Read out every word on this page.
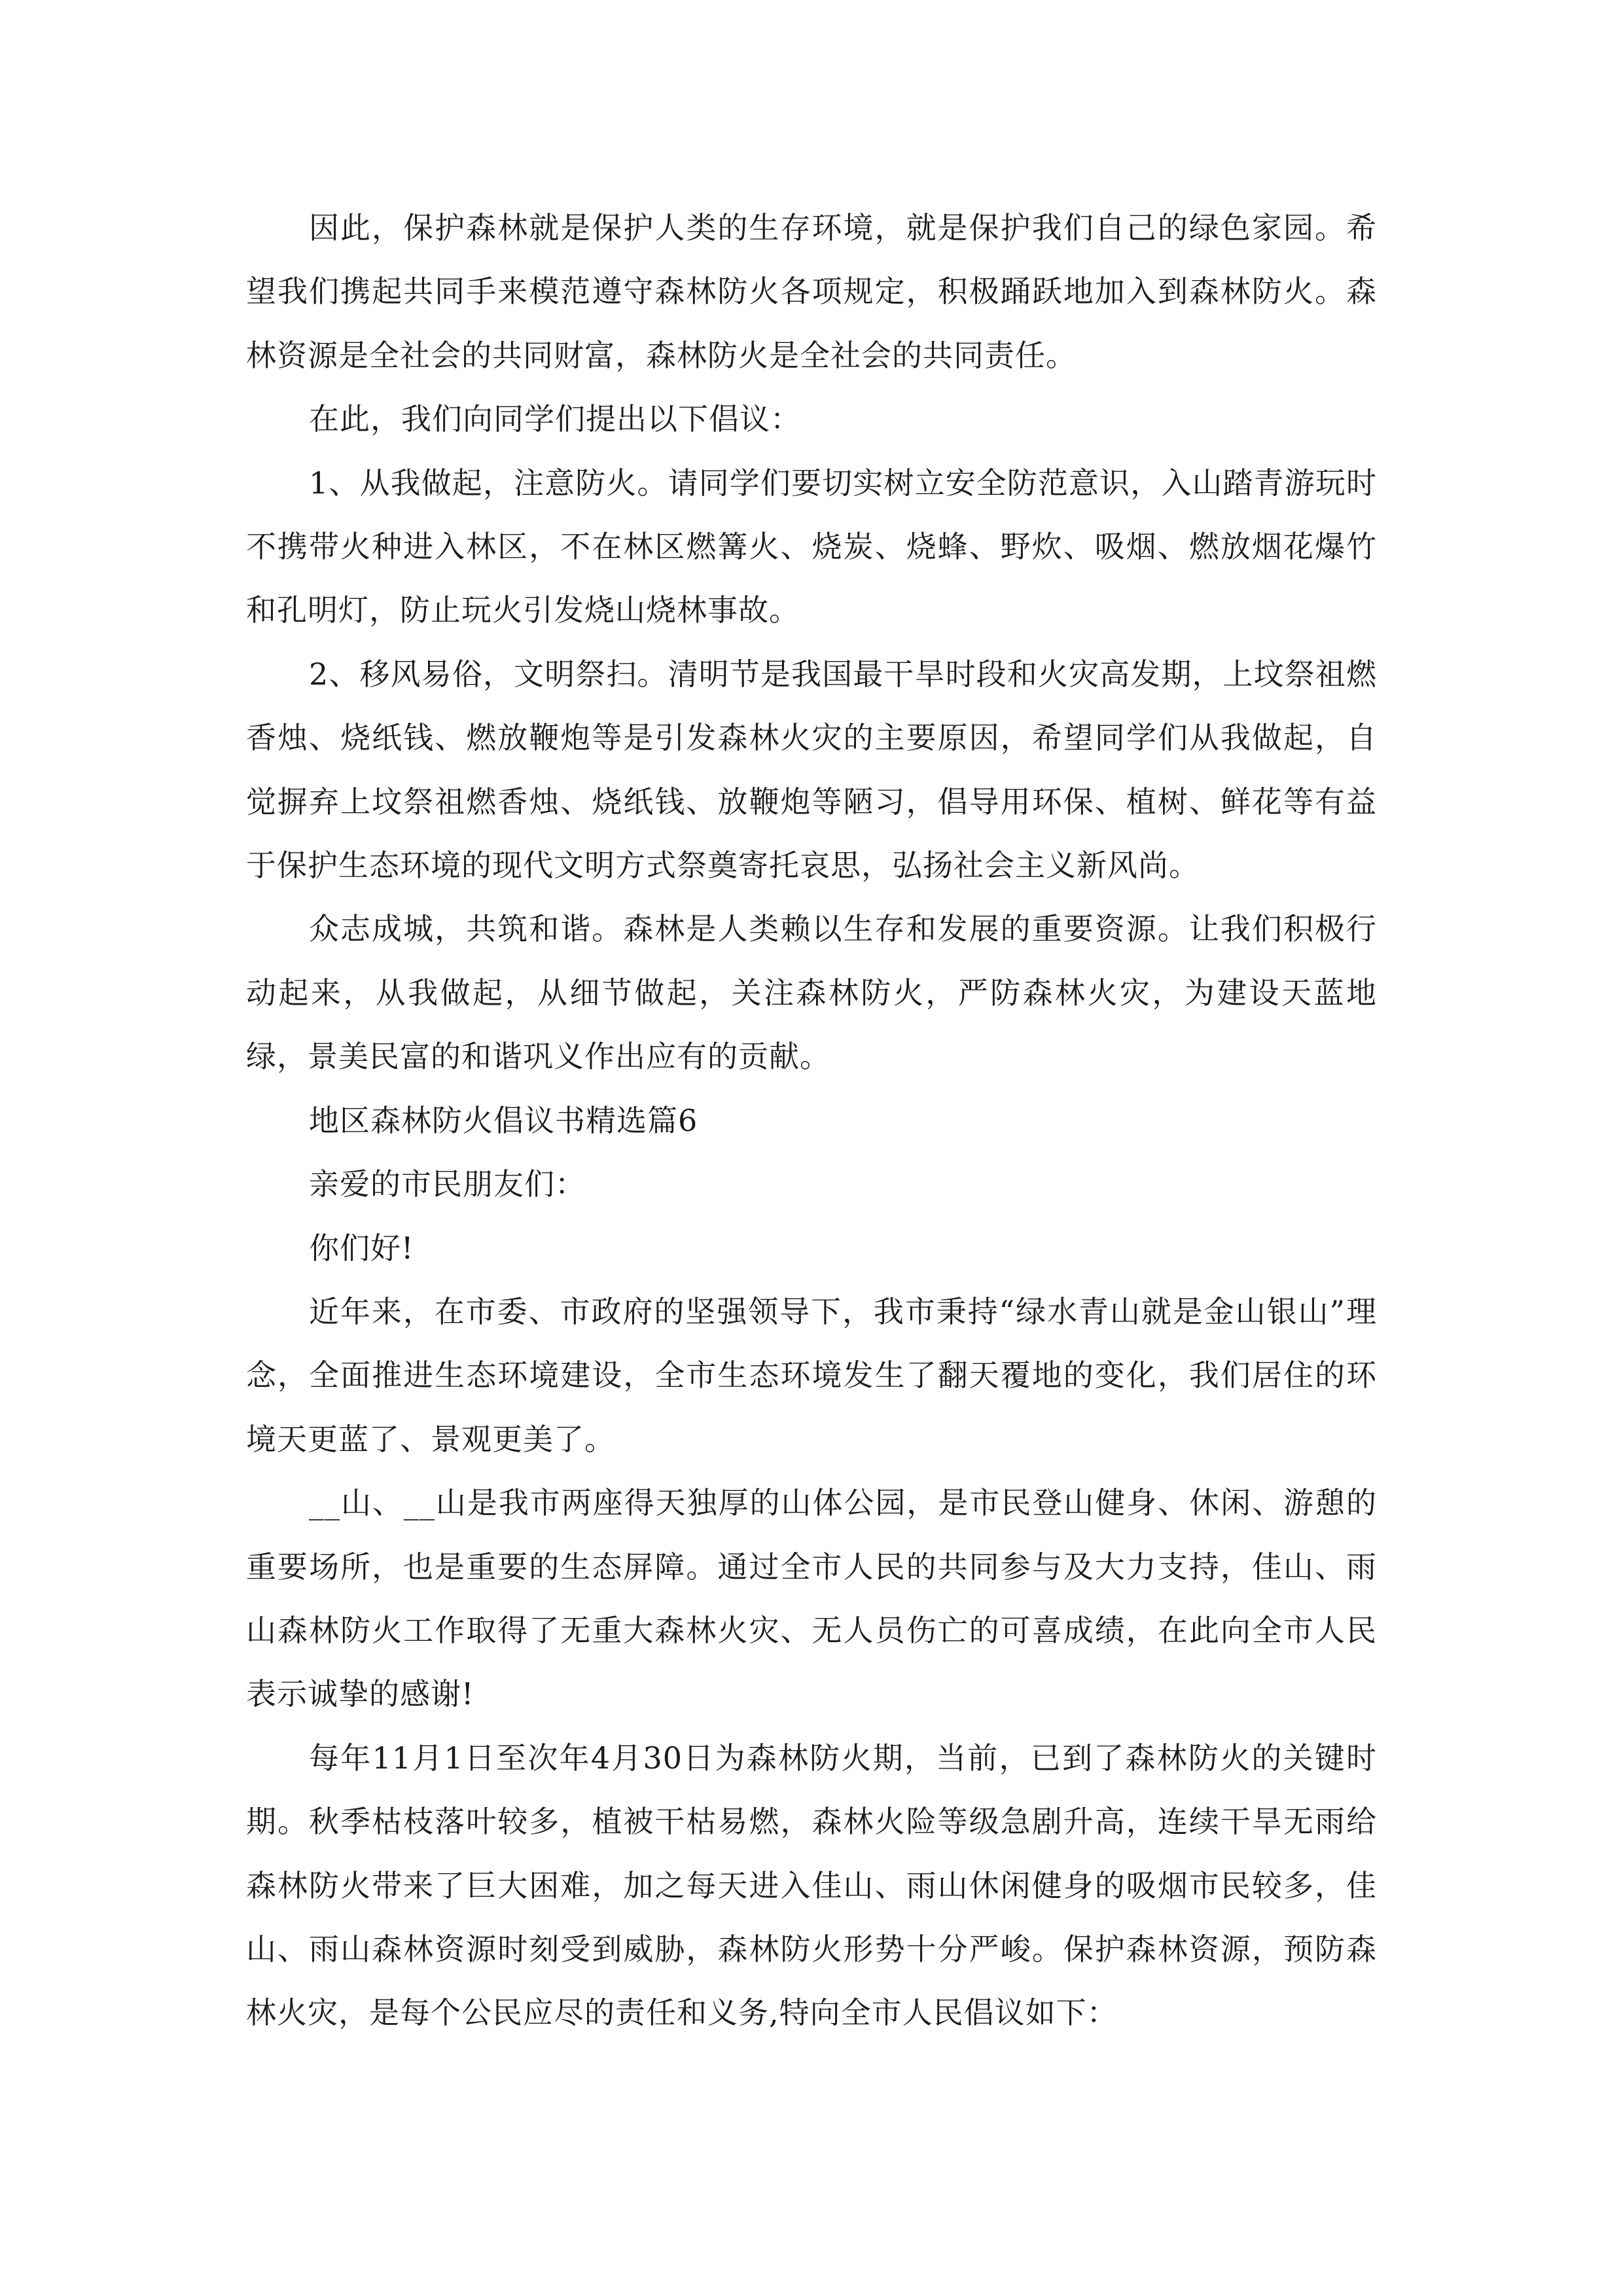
因此，保护森林就是保护人类的生存环境，就是保护我们自己的绿色家园。希望我们携起共同手来模范遵守森林防火各项规定，积极踊跃地加入到森林防火。森林资源是全社会的共同财富，森林防火是全社会的共同责任。

在此，我们向同学们提出以下倡议：

1、从我做起，注意防火。请同学们要切实树立安全防范意识，入山踏青游玩时不携带火种进入林区，不在林区燃篝火、烧炭、烧蜂、野炊、吸烟、燃放烟花爆竹和孔明灯，防止玩火引发烧山烧林事故。

2、移风易俗，文明祭扫。清明节是我国最干旱时段和火灾高发期，上坟祭祖燃香烛、烧纸钱、燃放鞭炮等是引发森林火灾的主要原因，希望同学们从我做起，自觉摒弃上坟祭祖燃香烛、烧纸钱、放鞭炮等陋习，倡导用环保、植树、鲜花等有益于保护生态环境的现代文明方式祭奠寄托哀思，弘扬社会主义新风尚。

众志成城，共筑和谐。森林是人类赖以生存和发展的重要资源。让我们积极行动起来，从我做起，从细节做起，关注森林防火，严防森林火灾，为建设天蓝地绿，景美民富的和谐巩义作出应有的贡献。

地区森林防火倡议书精选篇6

亲爱的市民朋友们：

你们好!

近年来，在市委、市政府的坚强领导下，我市秉持“绿水青山就是金山银山”理念，全面推进生态环境建设，全市生态环境发生了翻天覆地的变化，我们居住的环境天更蓝了、景观更美了。

__山、__山是我市两座得天独厚的山体公园，是市民登山健身、休闲、游憩的重要场所，也是重要的生态屏障。通过全市人民的共同参与及大力支持，佳山、雨山森林防火工作取得了无重大森林火灾、无人员伤亡的可喜成绩，在此向全市人民表示诚挚的感谢!

每年11月1日至次年4月30日为森林防火期，当前，已到了森林防火的关键时期。秋季枯枝落叶较多，植被干枯易燃，森林火险等级急剧升高，连续干旱无雨给森林防火带来了巨大困难，加之每天进入佳山、雨山休闲健身的吸烟市民较多，佳山、雨山森林资源时刻受到威胁，森林防火形势十分严峻。保护森林资源，预防森林火灾，是每个公民应尽的责任和义务,特向全市人民倡议如下：
